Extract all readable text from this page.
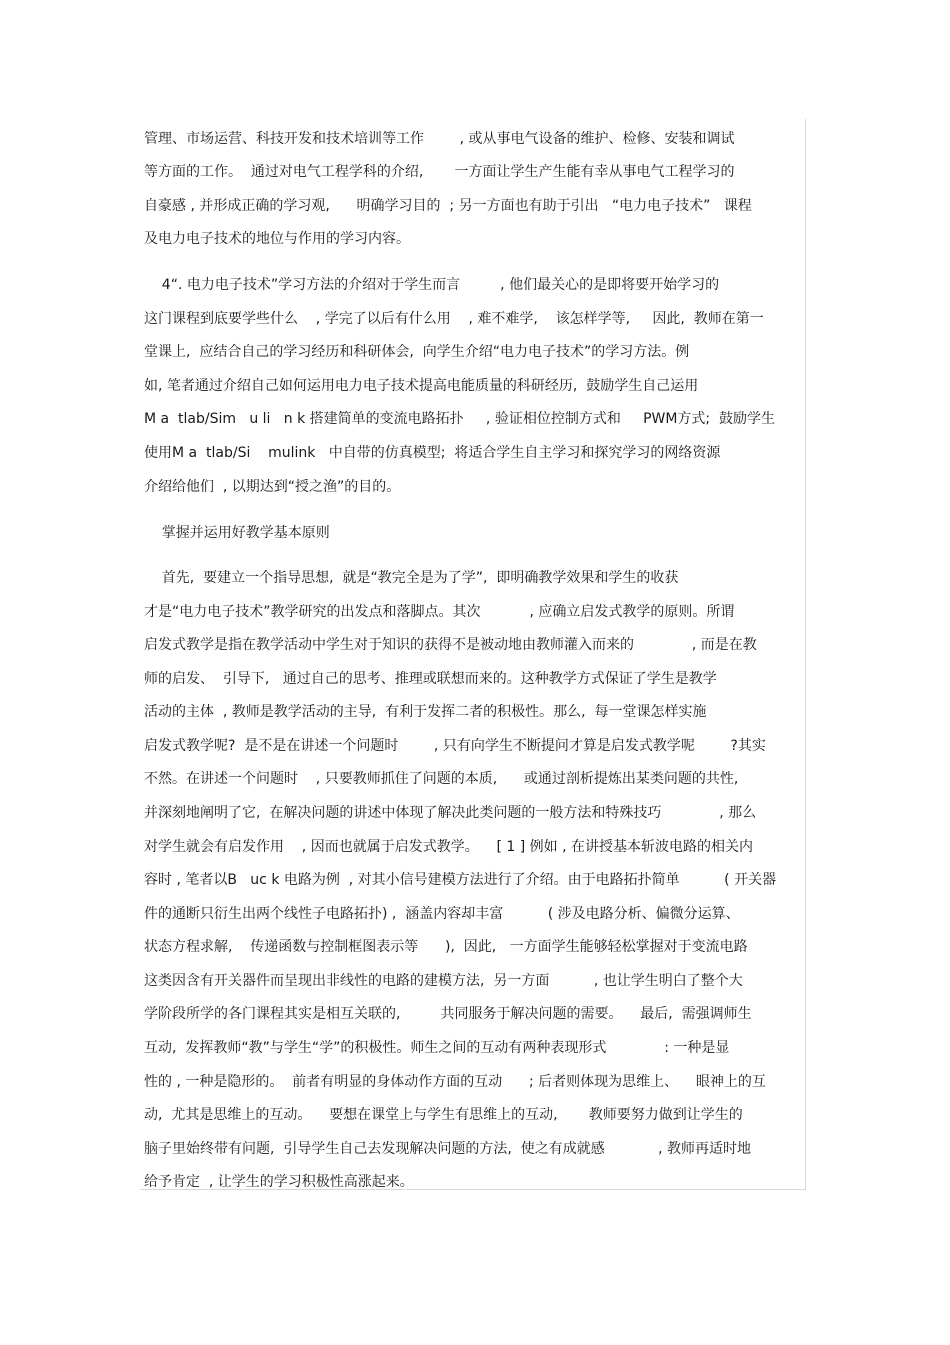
管理、市场运营、科技开发和技术培训等工作        , 或从事电气设备的维护、检修、安装和调试
等方面的工作。  通过对电气工程学科的介绍,       一方面让学生产生能有幸从事电气工程学习的
自豪感 , 并形成正确的学习观,      明确学习目的  ; 另一方面也有助于引出   “电力电子技术”   课程
及电力电子技术的地位与作用的学习内容。
4“. 电力电子技术”学习方法的介绍对于学生而言         , 他们最关心的是即将要开始学习的
这门课程到底要学些什么    , 学完了以后有什么用    , 难不难学,    该怎样学等,     因此,  教师在第一
堂课上,  应结合自己的学习经历和科研体会,  向学生介绍“电力电子技术”的学习方法。例
如, 笔者通过介绍自己如何运用电力电子技术提高电能质量的科研经历,  鼓励学生自己运用
M a  tlab/Sim   u li   n k 搭建简单的变流电路拓扑     , 验证相位控制方式和     PWM方式;  鼓励学生
使用M a  tlab/Si    mulink   中自带的仿真模型;  将适合学生自主学习和探究学习的网络资源
介绍给他们  , 以期达到“授之渔”的目的。
掌握并运用好教学基本原则
首先,  要建立一个指导思想,  就是“教完全是为了学”,  即明确教学效果和学生的收获
才是“电力电子技术”教学研究的出发点和落脚点。其次           , 应确立启发式教学的原则。所谓
启发式教学是指在教学活动中学生对于知识的获得不是被动地由教师灌入而来的             , 而是在教
师的启发、  引导下,   通过自己的思考、推理或联想而来的。这种教学方式保证了学生是教学
活动的主体  , 教师是教学活动的主导,  有利于发挥二者的积极性。那么,  每一堂课怎样实施
启发式教学呢?  是不是在讲述一个问题时        , 只有向学生不断提问才算是启发式教学呢        ?其实
不然。在讲述一个问题时    , 只要教师抓住了问题的本质,      或通过剖析提炼出某类问题的共性,
并深刻地阐明了它,  在解决问题的讲述中体现了解决此类问题的一般方法和特殊技巧             , 那么
对学生就会有启发作用    , 因而也就属于启发式教学。    [ 1 ] 例如 , 在讲授基本斩波电路的相关内
容时 , 笔者以B   uc k 电路为例  , 对其小信号建模方法进行了介绍。由于电路拓扑简单          ( 开关器
件的通断只衍生出两个线性子电路拓扑) ,  涵盖内容却丰富          ( 涉及电路分析、偏微分运算、
状态方程求解,    传递函数与控制框图表示等      ),  因此,   一方面学生能够轻松掌握对于变流电路
这类因含有开关器件而呈现出非线性的电路的建模方法,  另一方面          , 也让学生明白了整个大
学阶段所学的各门课程其实是相互关联的,         共同服务于解决问题的需要。    最后,  需强调师生
互动,  发挥教师“教”与学生“学”的积极性。师生之间的互动有两种表现形式             : 一种是显
性的 , 一种是隐形的。  前者有明显的身体动作方面的互动      ; 后者则体现为思维上、    眼神上的互
动,  尤其是思维上的互动。    要想在课堂上与学生有思维上的互动,       教师要努力做到让学生的
脑子里始终带有问题,  引导学生自己去发现解决问题的方法,  使之有成就感            , 教师再适时地
给予肯定  , 让学生的学习积极性高涨起来。
